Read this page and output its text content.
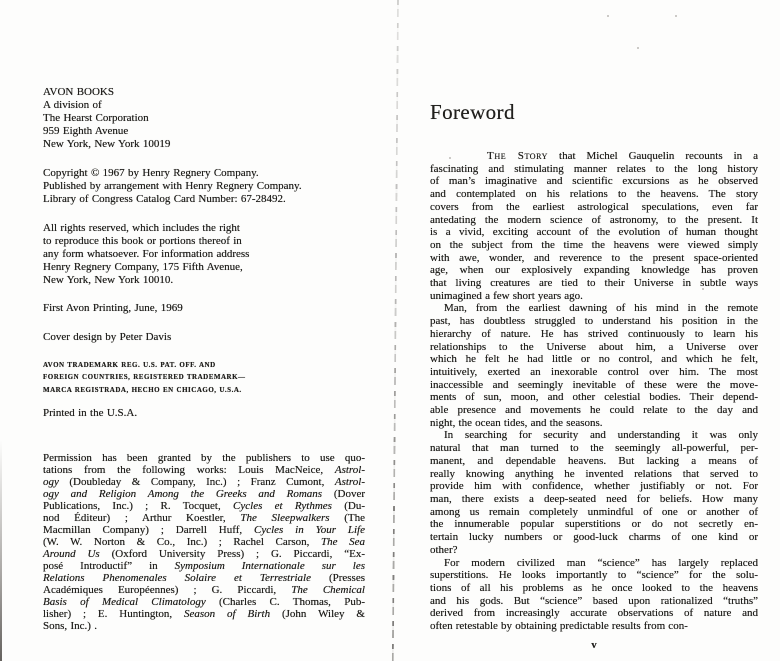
AVON BOOKS
A division of
The Hearst Corporation
959 Eighth Avenue
New York, New York 10019
Copyright © 1967 by Henry Regnery Company.
Published by arrangement with Henry Regnery Company.
Library of Congress Catalog Card Number: 67-28492.
All rights reserved, which includes the right
to reproduce this book or portions thereof in
any form whatsoever. For information address
Henry Regnery Company, 175 Fifth Avenue,
New York, New York 10010.
First Avon Printing, June, 1969
Cover design by Peter Davis
AVON TRADEMARK REG. U.S. PAT. OFF. AND
FOREIGN COUNTRIES, REGISTERED TRADEMARK—
MARCA REGISTRADA, HECHO EN CHICAGO, U.S.A.
Printed in the U.S.A.
Permission has been granted by the publishers to use quo-
tations from the following works: Louis MacNeice, Astrol-
ogy (Doubleday & Company, Inc.) ; Franz Cumont, Astrol-
ogy and Religion Among the Greeks and Romans (Dover
Publications, Inc.) ; R. Tocquet, Cycles et Rythmes (Du-
nod Éditeur) ; Arthur Koestler, The Sleepwalkers (The
Macmillan Company) ; Darrell Huff, Cycles in Your Life
(W. W. Norton & Co., Inc.) ; Rachel Carson, The Sea
Around Us (Oxford University Press) ; G. Piccardi, “Ex-
posé Introductif” in Symposium Internationale sur les
Relations Phenomenales Solaire et Terrestriale (Presses
Académiques Européennes) ; G. Piccardi, The Chemical
Basis of Medical Climatology (Charles C. Thomas, Pub-
lisher) ; E. Huntington, Season of Birth (John Wiley &
Sons, Inc.) .
Foreword
The Story that Michel Gauquelin recounts in a
fascinating and stimulating manner relates to the long history
of man’s imaginative and scientific excursions as he observed
and contemplated on his relations to the heavens. The story
covers from the earliest astrological speculations, even far
antedating the modern science of astronomy, to the present. It
is a vivid, exciting account of the evolution of human thought
on the subject from the time the heavens were viewed simply
with awe, wonder, and reverence to the present space-oriented
age, when our explosively expanding knowledge has proven
that living creatures are tied to their Universe in subtle ways
unimagined a few short years ago.
Man, from the earliest dawning of his mind in the remote
past, has doubtless struggled to understand his position in the
hierarchy of nature. He has strived continuously to learn his
relationships to the Universe about him, a Universe over
which he felt he had little or no control, and which he felt,
intuitively, exerted an inexorable control over him. The most
inaccessible and seemingly inevitable of these were the move-
ments of sun, moon, and other celestial bodies. Their depend-
able presence and movements he could relate to the day and
night, the ocean tides, and the seasons.
In searching for security and understanding it was only
natural that man turned to the seemingly all-powerful, per-
manent, and dependable heavens. But lacking a means of
really knowing anything he invented relations that served to
provide him with confidence, whether justifiably or not. For
man, there exists a deep-seated need for beliefs. How many
among us remain completely unmindful of one or another of
the innumerable popular superstitions or do not secretly en-
tertain lucky numbers or good-luck charms of one kind or
other?
For modern civilized man “science” has largely replaced
superstitions. He looks importantly to “science” for the solu-
tions of all his problems as he once looked to the heavens
and his gods. But “science” based upon rationalized “truths”
derived from increasingly accurate observations of nature and
often retestable by obtaining predictable results from con-
v
